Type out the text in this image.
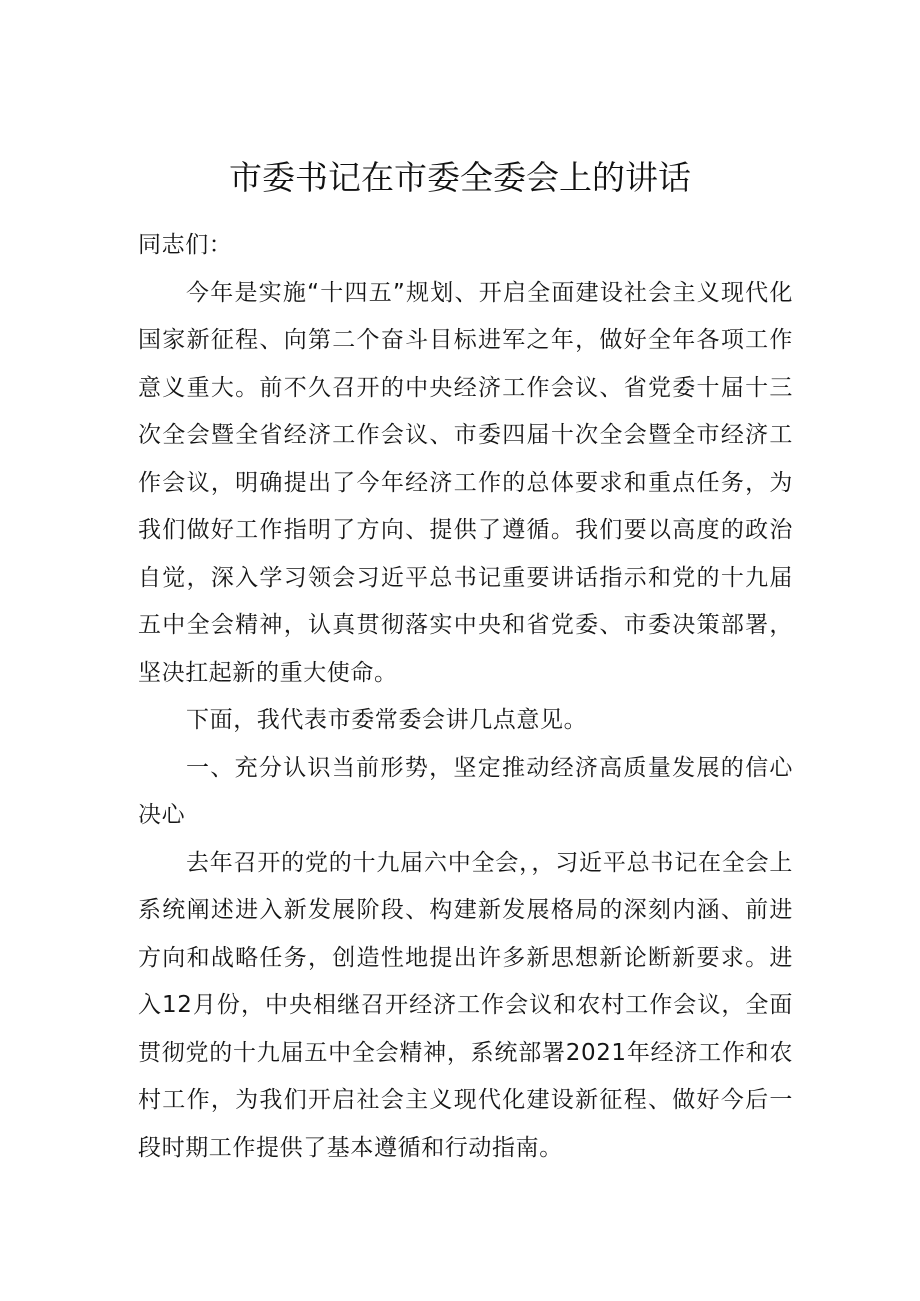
市委书记在市委全委会上的讲话

同志们：

今年是实施“十四五”规划、开启全面建设社会主义现代化国家新征程、向第二个奋斗目标进军之年，做好全年各项工作意义重大。前不久召开的中央经济工作会议、省党委十届十三次全会暨全省经济工作会议、市委四届十次全会暨全市经济工作会议，明确提出了今年经济工作的总体要求和重点任务，为我们做好工作指明了方向、提供了遵循。我们要以高度的政治自觉，深入学习领会习近平总书记重要讲话指示和党的十九届五中全会精神，认真贯彻落实中央和省党委、市委决策部署，坚决扛起新的重大使命。

下面，我代表市委常委会讲几点意见。

一、充分认识当前形势，坚定推动经济高质量发展的信心决心

去年召开的党的十九届六中全会，，习近平总书记在全会上系统阐述进入新发展阶段、构建新发展格局的深刻内涵、前进方向和战略任务，创造性地提出许多新思想新论断新要求。进入12月份，中央相继召开经济工作会议和农村工作会议，全面贯彻党的十九届五中全会精神，系统部署2021年经济工作和农村工作，为我们开启社会主义现代化建设新征程、做好今后一段时期工作提供了基本遵循和行动指南。
